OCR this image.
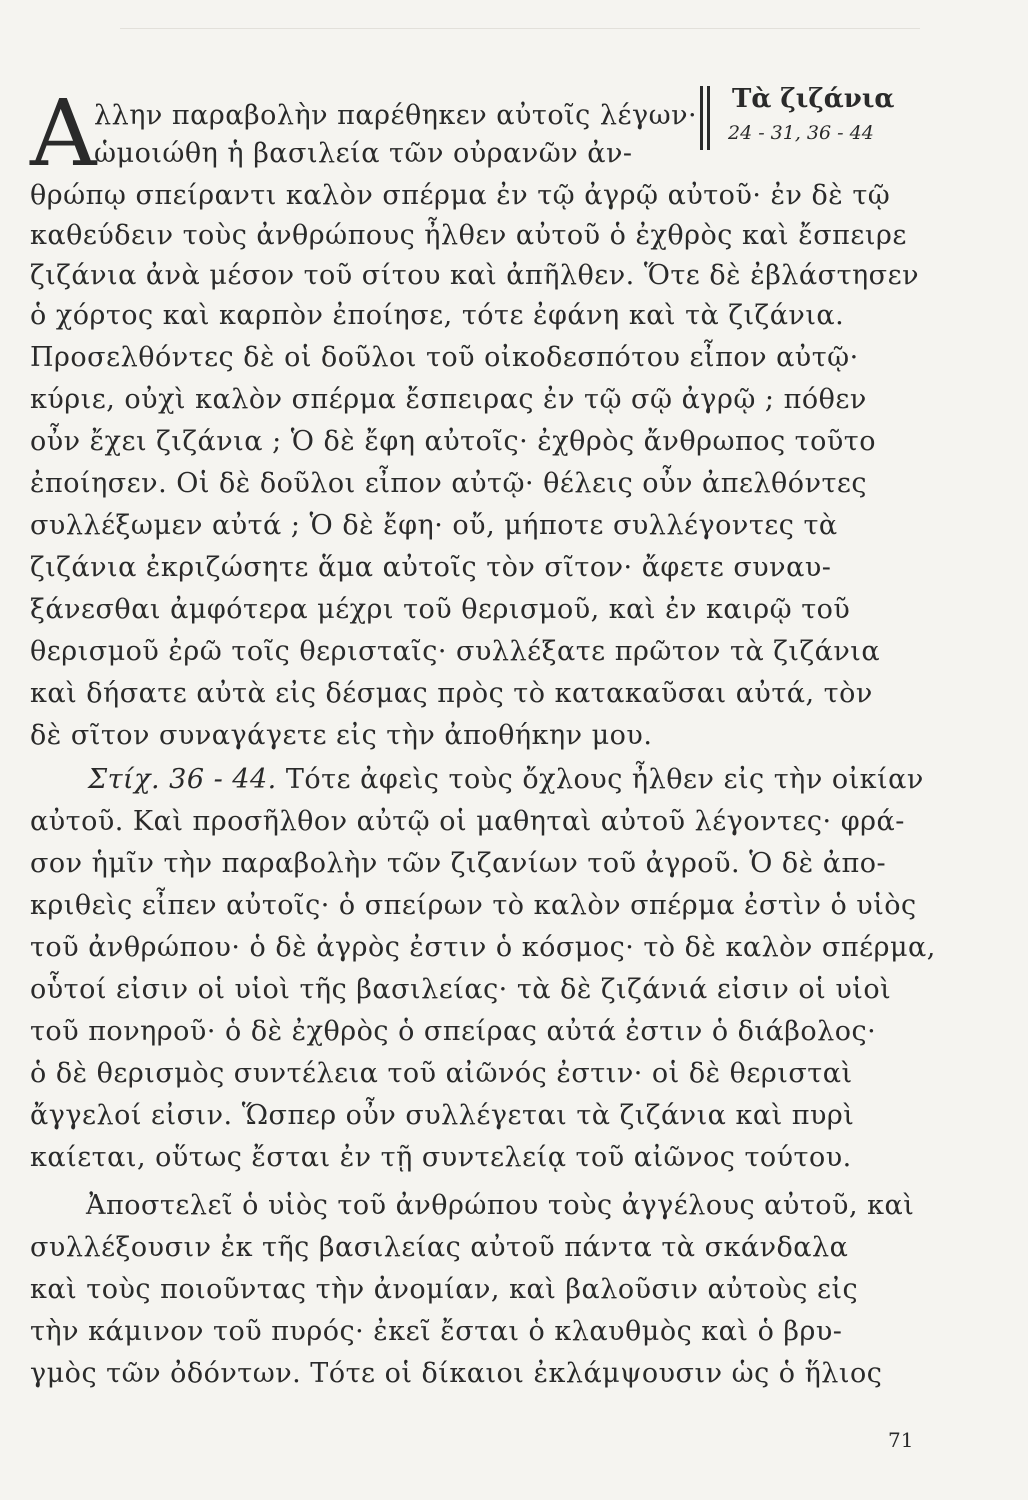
Τὰ ζιζάνια
24 - 31, 36 - 44
Α
λλην παραβολὴν παρέθηκεν αὐτοῖς λέγων·
ὡμοιώθη ἡ βασιλεία τῶν οὐρανῶν ἀν-
θρώπῳ σπείραντι καλὸν σπέρμα ἐν τῷ ἀγρῷ αὐτοῦ· ἐν δὲ τῷ
καθεύδειν τοὺς ἀνθρώπους ἦλθεν αὐτοῦ ὁ ἐχθρὸς καὶ ἔσπειρε
ζιζάνια ἀνὰ μέσον τοῦ σίτου καὶ ἀπῆλθεν. Ὅτε δὲ ἐβλάστησεν
ὁ χόρτος καὶ καρπὸν ἐποίησε, τότε ἐφάνη καὶ τὰ ζιζάνια.
Προσελθόντες δὲ οἱ δοῦλοι τοῦ οἰκοδεσπότου εἶπον αὐτῷ·
κύριε, οὐχὶ καλὸν σπέρμα ἔσπειρας ἐν τῷ σῷ ἀγρῷ ; πόθεν
οὖν ἔχει ζιζάνια ; Ὁ δὲ ἔφη αὐτοῖς· ἐχθρὸς ἄνθρωπος τοῦτο
ἐποίησεν. Οἱ δὲ δοῦλοι εἶπον αὐτῷ· θέλεις οὖν ἀπελθόντες
συλλέξωμεν αὐτά ; Ὁ δὲ ἔφη· οὔ, μήποτε συλλέγοντες τὰ
ζιζάνια ἐκριζώσητε ἅμα αὐτοῖς τὸν σῖτον· ἄφετε συναυ-
ξάνεσθαι ἀμφότερα μέχρι τοῦ θερισμοῦ, καὶ ἐν καιρῷ τοῦ
θερισμοῦ ἐρῶ τοῖς θερισταῖς· συλλέξατε πρῶτον τὰ ζιζάνια
καὶ δήσατε αὐτὰ εἰς δέσμας πρὸς τὸ κατακαῦσαι αὐτά, τὸν
δὲ σῖτον συναγάγετε εἰς τὴν ἀποθήκην μου.
Στίχ. 36 - 44. Τότε ἀφεὶς τοὺς ὄχλους ἦλθεν εἰς τὴν οἰκίαν
αὐτοῦ. Καὶ προσῆλθον αὐτῷ οἱ μαθηταὶ αὐτοῦ λέγοντες· φρά-
σον ἡμῖν τὴν παραβολὴν τῶν ζιζανίων τοῦ ἀγροῦ. Ὁ δὲ ἀπο-
κριθεὶς εἶπεν αὐτοῖς· ὁ σπείρων τὸ καλὸν σπέρμα ἐστὶν ὁ υἱὸς
τοῦ ἀνθρώπου· ὁ δὲ ἀγρὸς ἐστιν ὁ κόσμος· τὸ δὲ καλὸν σπέρμα,
οὗτοί εἰσιν οἱ υἱοὶ τῆς βασιλείας· τὰ δὲ ζιζάνιά εἰσιν οἱ υἱοὶ
τοῦ πονηροῦ· ὁ δὲ ἐχθρὸς ὁ σπείρας αὐτά ἐστιν ὁ διάβολος·
ὁ δὲ θερισμὸς συντέλεια τοῦ αἰῶνός ἐστιν· οἱ δὲ θερισταὶ
ἄγγελοί εἰσιν. Ὥσπερ οὖν συλλέγεται τὰ ζιζάνια καὶ πυρὶ
καίεται, οὕτως ἔσται ἐν τῇ συντελείᾳ τοῦ αἰῶνος τούτου.
Ἀποστελεῖ ὁ υἱὸς τοῦ ἀνθρώπου τοὺς ἀγγέλους αὐτοῦ, καὶ
συλλέξουσιν ἐκ τῆς βασιλείας αὐτοῦ πάντα τὰ σκάνδαλα
καὶ τοὺς ποιοῦντας τὴν ἀνομίαν, καὶ βαλοῦσιν αὐτοὺς εἰς
τὴν κάμινον τοῦ πυρός· ἐκεῖ ἔσται ὁ κλαυθμὸς καὶ ὁ βρυ-
γμὸς τῶν ὀδόντων. Τότε οἱ δίκαιοι ἐκλάμψουσιν ὡς ὁ ἥλιος
71
